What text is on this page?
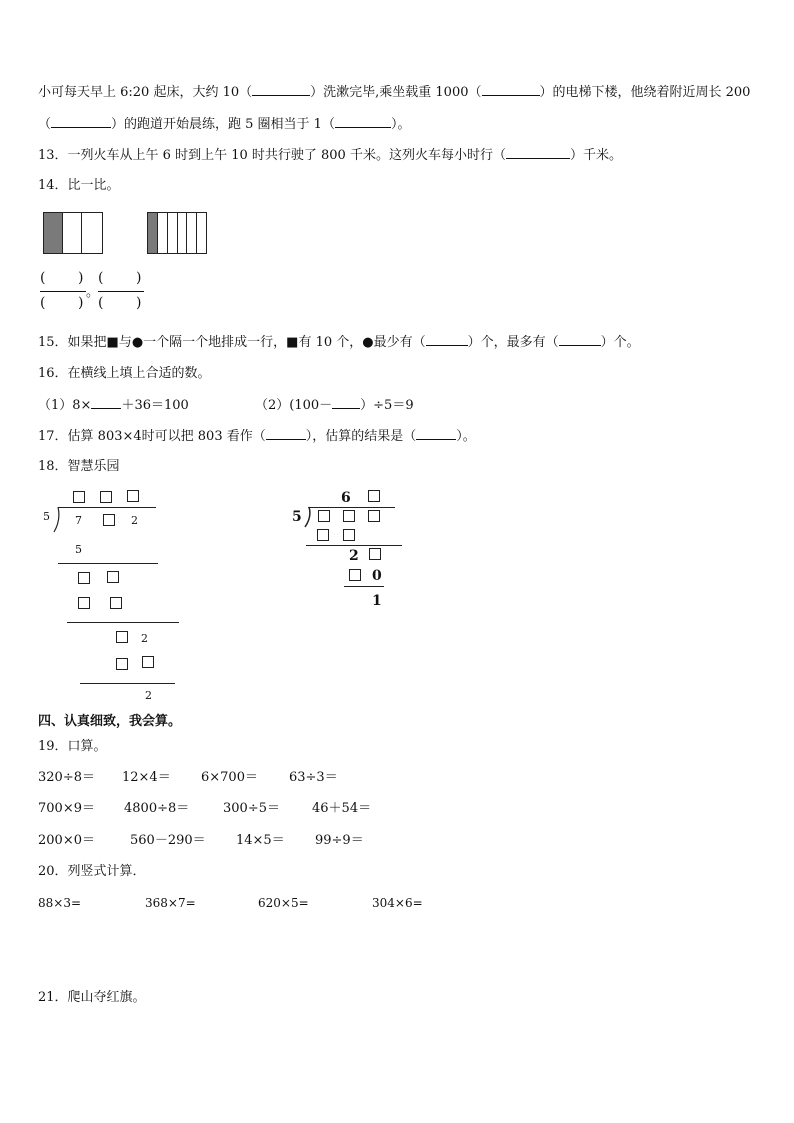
小可每天早上 6:20 起床，大约 10（	）洗漱完毕,乘坐载重 1000（	）的电梯下楼，他绕着附近周长 200
（	）的跑道开始晨练，跑 5 圈相当于 1（	）。
13．一列火车从上午 6 时到上午 10 时共行驶了 800 千米。这列火车每小时行（	）千米。
14．比一比。
( )
( )
。
( )
( )
15．如果把■与●一个隔一个地排成一行，■有 10 个，●最少有（	）个，最多有（	）个。
16．在横线上填上合适的数。
（1）8× ＋36＝100	（2）(100－ ）÷5＝9
17．估算 803×4时可以把 803 看作（	），估算的结果是（	）。
18．智慧乐园
5 7	2
5
2
2
6
5
2
0
1
四、认真细致，我会算。
19．口算。
320÷8＝ 12×4＝ 6×700＝ 63÷3＝
700×9＝ 4800÷8＝	300÷5＝ 46＋54＝
200×0＝	560－290＝ 14×5＝ 99÷9＝
20．列竖式计算．
88×3=	368×7=	620×5=	304×6=
21．爬山夺红旗。
